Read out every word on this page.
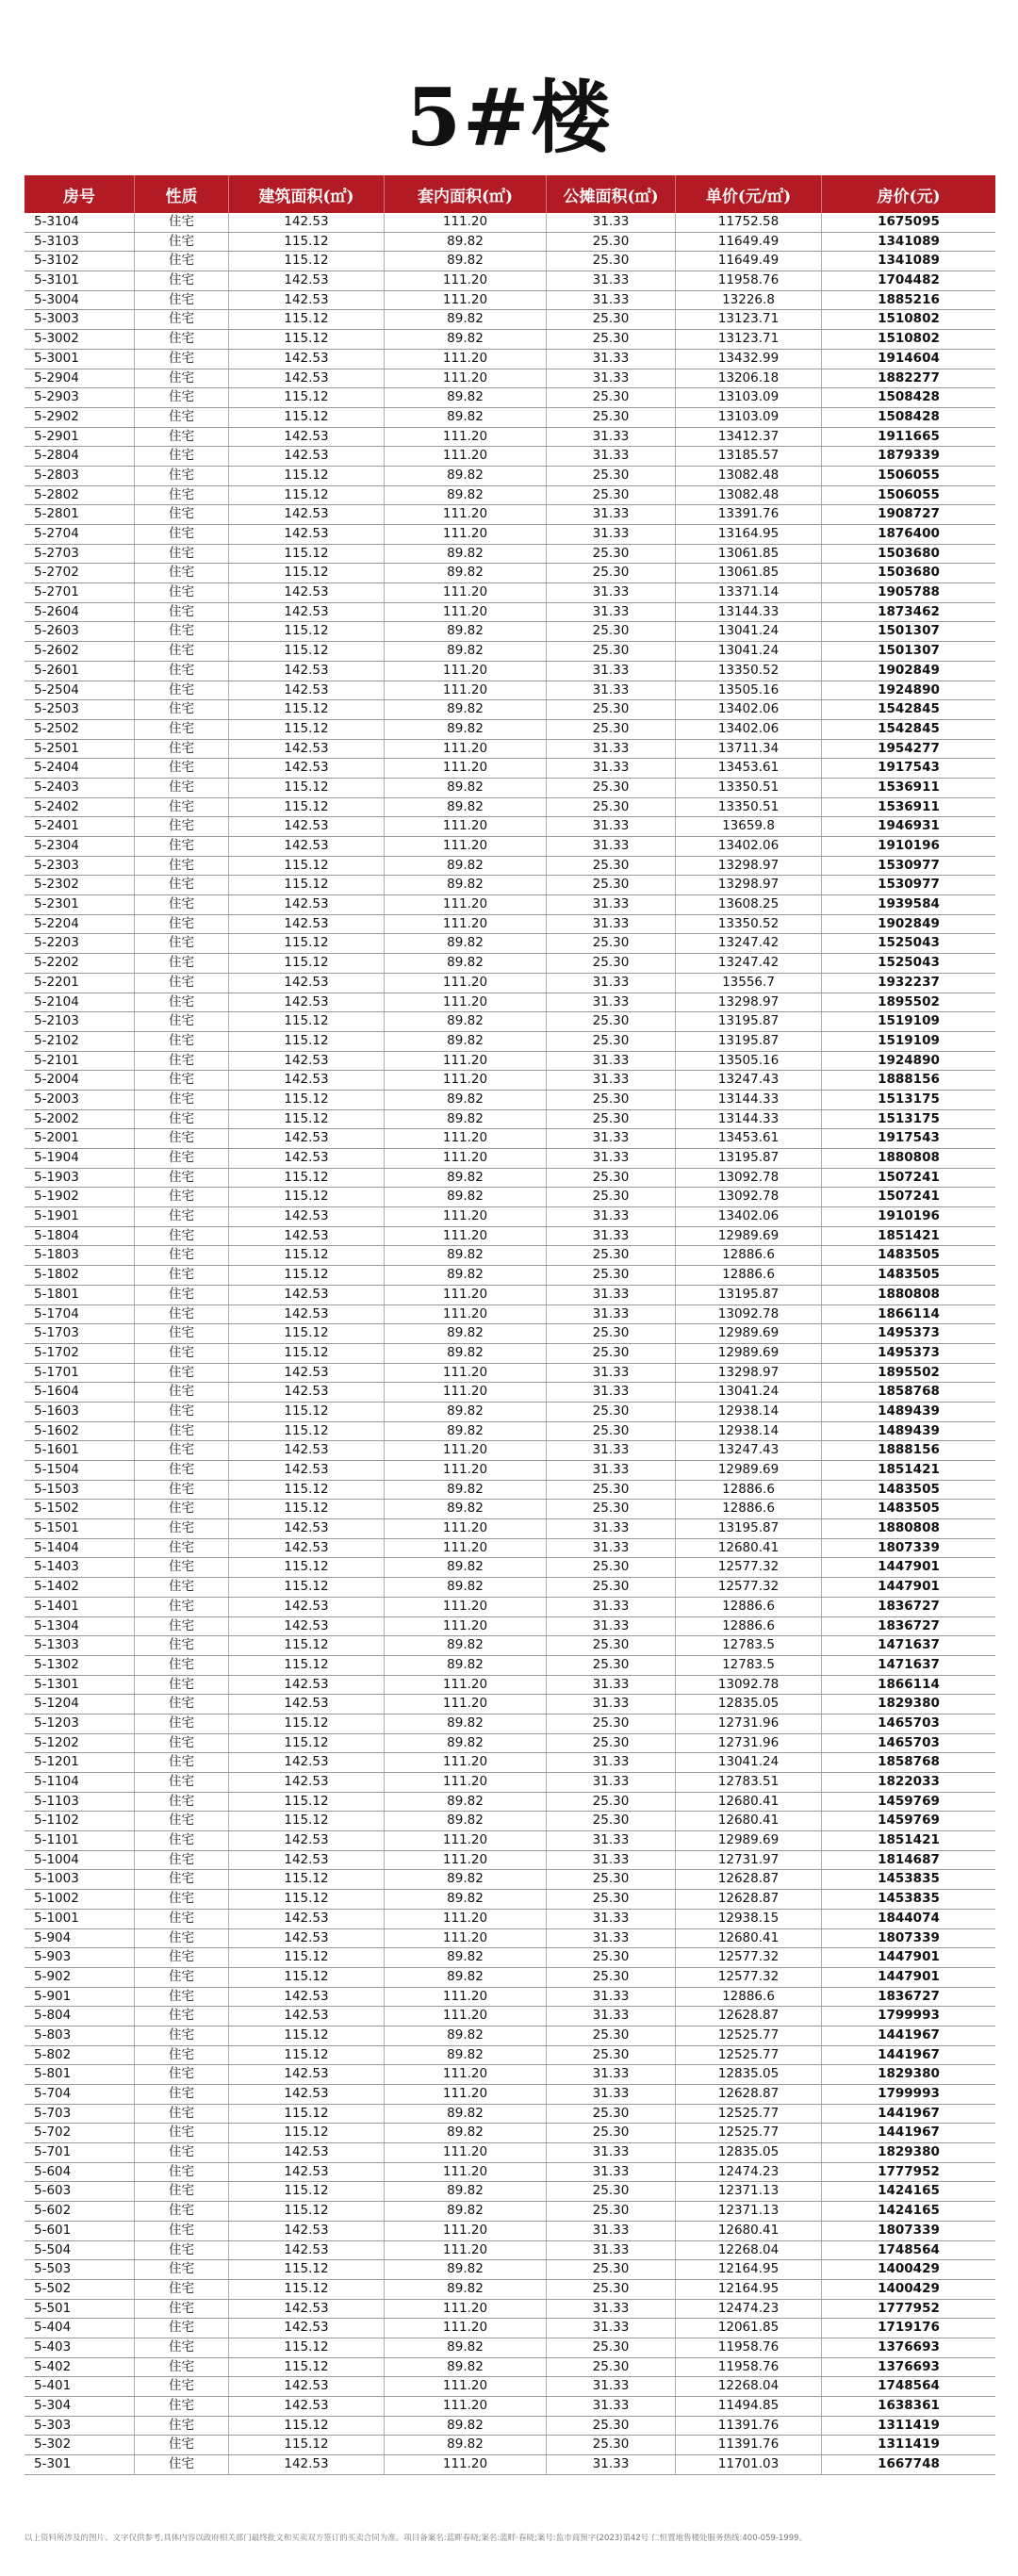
5#楼
房号	性质	建筑面积(㎡)	套内面积(㎡)	公摊面积(㎡)	单价(元/㎡)	房价(元)
5-3104	住宅	142.53	111.20	31.33	11752.58	1675095
5-3103	住宅	115.12	89.82	25.30	11649.49	1341089
5-3102	住宅	115.12	89.82	25.30	11649.49	1341089
5-3101	住宅	142.53	111.20	31.33	11958.76	1704482
5-3004	住宅	142.53	111.20	31.33	13226.8	1885216
5-3003	住宅	115.12	89.82	25.30	13123.71	1510802
5-3002	住宅	115.12	89.82	25.30	13123.71	1510802
5-3001	住宅	142.53	111.20	31.33	13432.99	1914604
5-2904	住宅	142.53	111.20	31.33	13206.18	1882277
5-2903	住宅	115.12	89.82	25.30	13103.09	1508428
5-2902	住宅	115.12	89.82	25.30	13103.09	1508428
5-2901	住宅	142.53	111.20	31.33	13412.37	1911665
5-2804	住宅	142.53	111.20	31.33	13185.57	1879339
5-2803	住宅	115.12	89.82	25.30	13082.48	1506055
5-2802	住宅	115.12	89.82	25.30	13082.48	1506055
5-2801	住宅	142.53	111.20	31.33	13391.76	1908727
5-2704	住宅	142.53	111.20	31.33	13164.95	1876400
5-2703	住宅	115.12	89.82	25.30	13061.85	1503680
5-2702	住宅	115.12	89.82	25.30	13061.85	1503680
5-2701	住宅	142.53	111.20	31.33	13371.14	1905788
5-2604	住宅	142.53	111.20	31.33	13144.33	1873462
5-2603	住宅	115.12	89.82	25.30	13041.24	1501307
5-2602	住宅	115.12	89.82	25.30	13041.24	1501307
5-2601	住宅	142.53	111.20	31.33	13350.52	1902849
5-2504	住宅	142.53	111.20	31.33	13505.16	1924890
5-2503	住宅	115.12	89.82	25.30	13402.06	1542845
5-2502	住宅	115.12	89.82	25.30	13402.06	1542845
5-2501	住宅	142.53	111.20	31.33	13711.34	1954277
5-2404	住宅	142.53	111.20	31.33	13453.61	1917543
5-2403	住宅	115.12	89.82	25.30	13350.51	1536911
5-2402	住宅	115.12	89.82	25.30	13350.51	1536911
5-2401	住宅	142.53	111.20	31.33	13659.8	1946931
5-2304	住宅	142.53	111.20	31.33	13402.06	1910196
5-2303	住宅	115.12	89.82	25.30	13298.97	1530977
5-2302	住宅	115.12	89.82	25.30	13298.97	1530977
5-2301	住宅	142.53	111.20	31.33	13608.25	1939584
5-2204	住宅	142.53	111.20	31.33	13350.52	1902849
5-2203	住宅	115.12	89.82	25.30	13247.42	1525043
5-2202	住宅	115.12	89.82	25.30	13247.42	1525043
5-2201	住宅	142.53	111.20	31.33	13556.7	1932237
5-2104	住宅	142.53	111.20	31.33	13298.97	1895502
5-2103	住宅	115.12	89.82	25.30	13195.87	1519109
5-2102	住宅	115.12	89.82	25.30	13195.87	1519109
5-2101	住宅	142.53	111.20	31.33	13505.16	1924890
5-2004	住宅	142.53	111.20	31.33	13247.43	1888156
5-2003	住宅	115.12	89.82	25.30	13144.33	1513175
5-2002	住宅	115.12	89.82	25.30	13144.33	1513175
5-2001	住宅	142.53	111.20	31.33	13453.61	1917543
5-1904	住宅	142.53	111.20	31.33	13195.87	1880808
5-1903	住宅	115.12	89.82	25.30	13092.78	1507241
5-1902	住宅	115.12	89.82	25.30	13092.78	1507241
5-1901	住宅	142.53	111.20	31.33	13402.06	1910196
5-1804	住宅	142.53	111.20	31.33	12989.69	1851421
5-1803	住宅	115.12	89.82	25.30	12886.6	1483505
5-1802	住宅	115.12	89.82	25.30	12886.6	1483505
5-1801	住宅	142.53	111.20	31.33	13195.87	1880808
5-1704	住宅	142.53	111.20	31.33	13092.78	1866114
5-1703	住宅	115.12	89.82	25.30	12989.69	1495373
5-1702	住宅	115.12	89.82	25.30	12989.69	1495373
5-1701	住宅	142.53	111.20	31.33	13298.97	1895502
5-1604	住宅	142.53	111.20	31.33	13041.24	1858768
5-1603	住宅	115.12	89.82	25.30	12938.14	1489439
5-1602	住宅	115.12	89.82	25.30	12938.14	1489439
5-1601	住宅	142.53	111.20	31.33	13247.43	1888156
5-1504	住宅	142.53	111.20	31.33	12989.69	1851421
5-1503	住宅	115.12	89.82	25.30	12886.6	1483505
5-1502	住宅	115.12	89.82	25.30	12886.6	1483505
5-1501	住宅	142.53	111.20	31.33	13195.87	1880808
5-1404	住宅	142.53	111.20	31.33	12680.41	1807339
5-1403	住宅	115.12	89.82	25.30	12577.32	1447901
5-1402	住宅	115.12	89.82	25.30	12577.32	1447901
5-1401	住宅	142.53	111.20	31.33	12886.6	1836727
5-1304	住宅	142.53	111.20	31.33	12886.6	1836727
5-1303	住宅	115.12	89.82	25.30	12783.5	1471637
5-1302	住宅	115.12	89.82	25.30	12783.5	1471637
5-1301	住宅	142.53	111.20	31.33	13092.78	1866114
5-1204	住宅	142.53	111.20	31.33	12835.05	1829380
5-1203	住宅	115.12	89.82	25.30	12731.96	1465703
5-1202	住宅	115.12	89.82	25.30	12731.96	1465703
5-1201	住宅	142.53	111.20	31.33	13041.24	1858768
5-1104	住宅	142.53	111.20	31.33	12783.51	1822033
5-1103	住宅	115.12	89.82	25.30	12680.41	1459769
5-1102	住宅	115.12	89.82	25.30	12680.41	1459769
5-1101	住宅	142.53	111.20	31.33	12989.69	1851421
5-1004	住宅	142.53	111.20	31.33	12731.97	1814687
5-1003	住宅	115.12	89.82	25.30	12628.87	1453835
5-1002	住宅	115.12	89.82	25.30	12628.87	1453835
5-1001	住宅	142.53	111.20	31.33	12938.15	1844074
5-904	住宅	142.53	111.20	31.33	12680.41	1807339
5-903	住宅	115.12	89.82	25.30	12577.32	1447901
5-902	住宅	115.12	89.82	25.30	12577.32	1447901
5-901	住宅	142.53	111.20	31.33	12886.6	1836727
5-804	住宅	142.53	111.20	31.33	12628.87	1799993
5-803	住宅	115.12	89.82	25.30	12525.77	1441967
5-802	住宅	115.12	89.82	25.30	12525.77	1441967
5-801	住宅	142.53	111.20	31.33	12835.05	1829380
5-704	住宅	142.53	111.20	31.33	12628.87	1799993
5-703	住宅	115.12	89.82	25.30	12525.77	1441967
5-702	住宅	115.12	89.82	25.30	12525.77	1441967
5-701	住宅	142.53	111.20	31.33	12835.05	1829380
5-604	住宅	142.53	111.20	31.33	12474.23	1777952
5-603	住宅	115.12	89.82	25.30	12371.13	1424165
5-602	住宅	115.12	89.82	25.30	12371.13	1424165
5-601	住宅	142.53	111.20	31.33	12680.41	1807339
5-504	住宅	142.53	111.20	31.33	12268.04	1748564
5-503	住宅	115.12	89.82	25.30	12164.95	1400429
5-502	住宅	115.12	89.82	25.30	12164.95	1400429
5-501	住宅	142.53	111.20	31.33	12474.23	1777952
5-404	住宅	142.53	111.20	31.33	12061.85	1719176
5-403	住宅	115.12	89.82	25.30	11958.76	1376693
5-402	住宅	115.12	89.82	25.30	11958.76	1376693
5-401	住宅	142.53	111.20	31.33	12268.04	1748564
5-304	住宅	142.53	111.20	31.33	11494.85	1638361
5-303	住宅	115.12	89.82	25.30	11391.76	1311419
5-302	住宅	115.12	89.82	25.30	11391.76	1311419
5-301	住宅	142.53	111.20	31.33	11701.03	1667748
以上资料所涉及的图片、文字仅供参考,具体内容以政府相关部门最终批文和买卖双方签订的买卖合同为准。项目备案名:蓝畔春晓;案名:蓝畔·春晓;案号:监市商预字(2023)第42号 仁恒置地售楼处服务热线:400-059-1999。
